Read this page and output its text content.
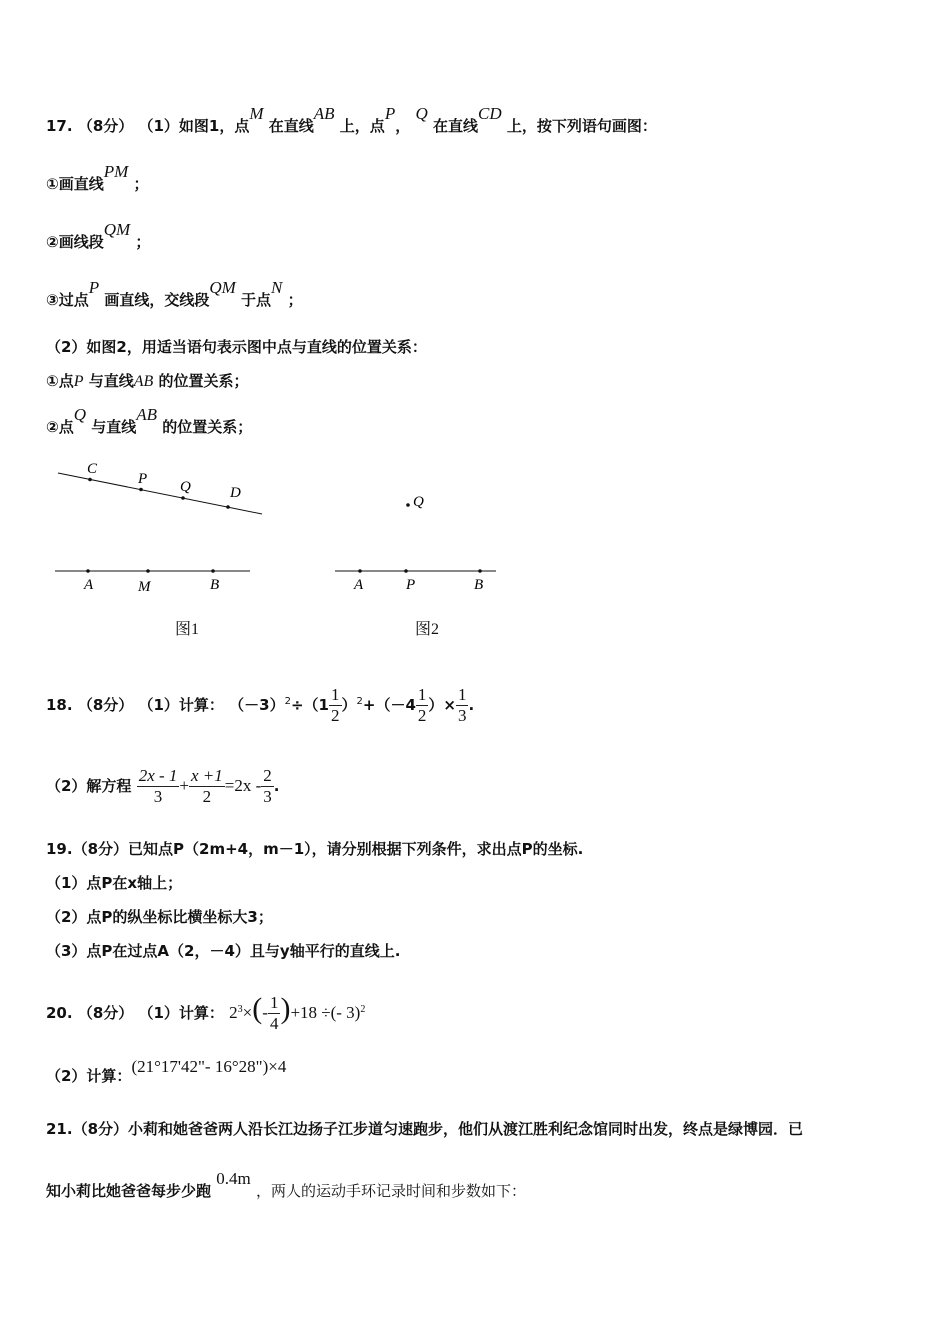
17. （8分） （1）如图1，点M 在直线AB 上，点P， Q 在直线CD 上，按下列语句画图：
①画直线PM ；
②画线段QM ；
③过点P 画直线，交线段QM 于点N ；
（2）如图2，用适当语句表示图中点与直线的位置关系：
①点P 与直线AB 的位置关系；
②点Q 与直线AB 的位置关系；
C
P Q	D
A	M	B
Q
A	P	B
图1	图2
18. （8分） （1）计算： $(-3)^2\div(1 \frac{1}{2} )^2+(-4 \frac{1}{2}$ ）× $\frac{1}{3}$ .
（2）解方程 $\frac{2x - 1}{3} + \frac{x +1}{2} =2x - \frac{2}{3}$ .
19.（8分）已知点P（2m+4，m－1），请分别根据下列条件，求出点P的坐标.
（1）点P在x轴上；
（2）点P的纵坐标比横坐标大3；
（3）点P在过点A（2，－4）且与y轴平行的直线上.
20. （8分） （1）计算： $2^3\times(- \frac{1}{4} )+18$ ÷(- 3)$^2$
（2）计算：(21°17'42"- 16°28")×4
21.（8分）小莉和她爸爸两人沿长江边扬子江步道匀速跑步，他们从渡江胜利纪念馆同时出发，终点是绿博园．已
知小莉比她爸爸每步少跑 0.4m ，两人的运动手环记录时间和步数如下：
